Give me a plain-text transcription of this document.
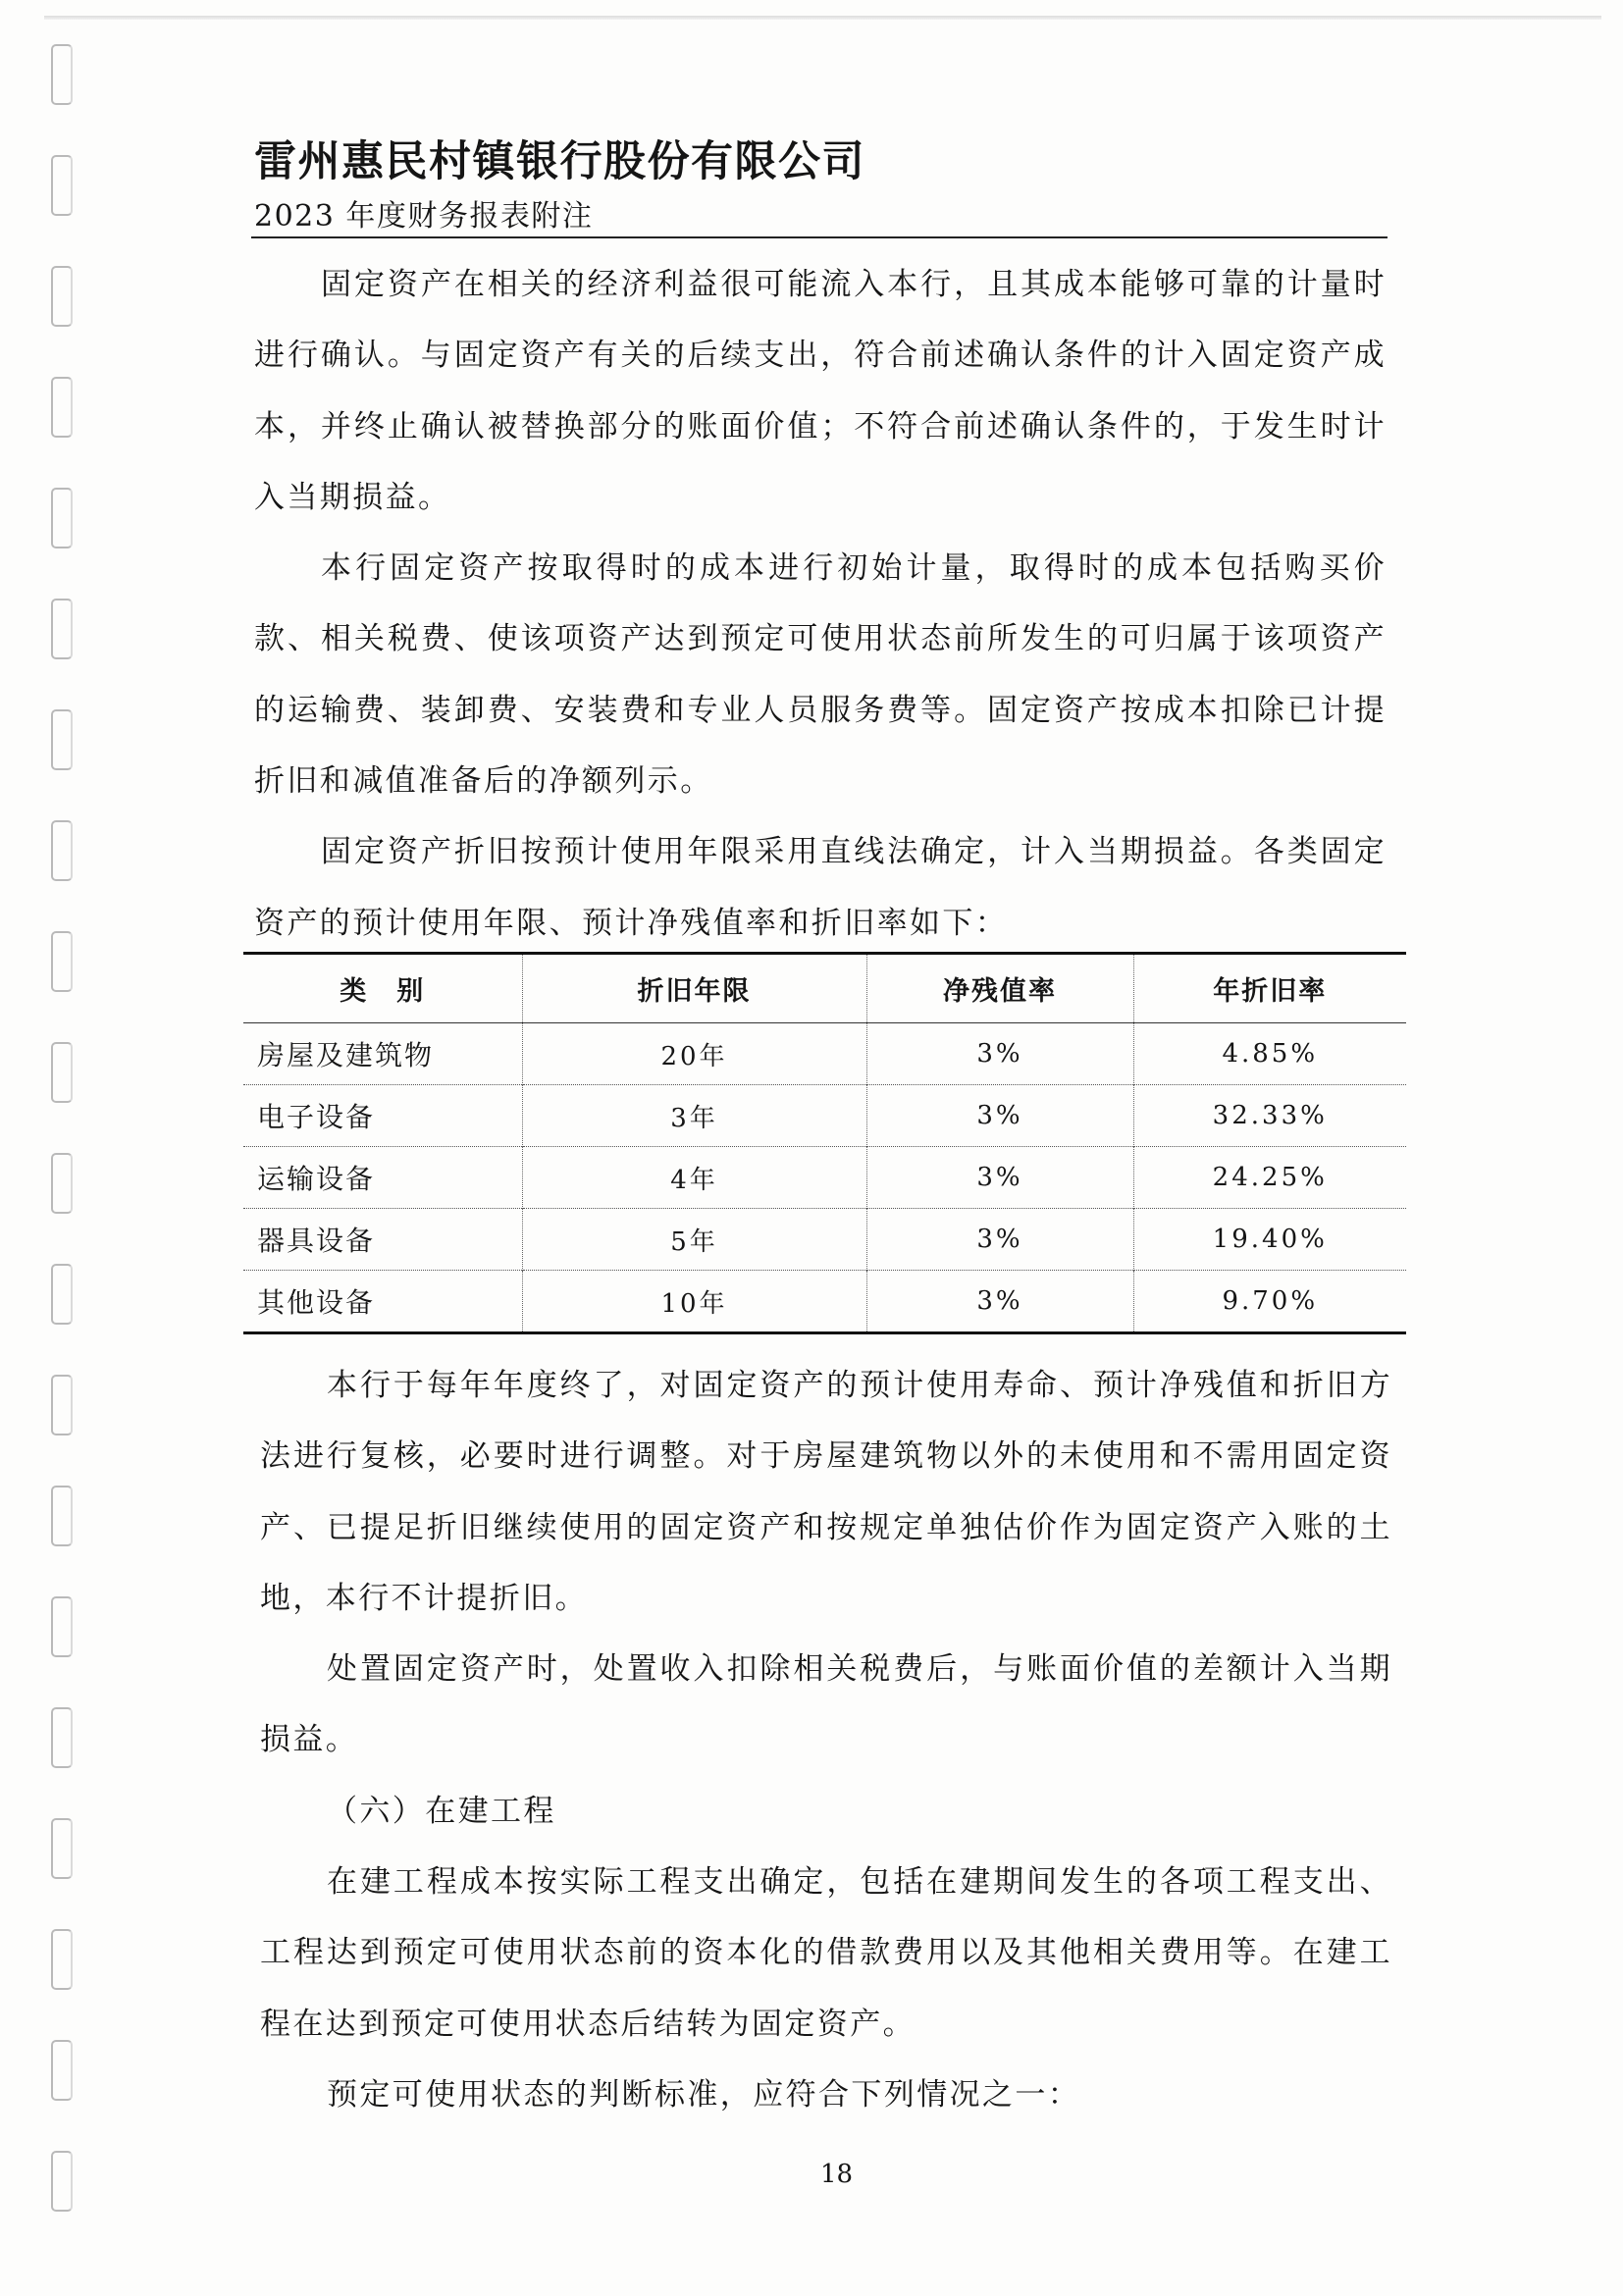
雷州惠民村镇银行股份有限公司
2023 年度财务报表附注
固定资产在相关的经济利益很可能流入本行，且其成本能够可靠的计量时
进行确认。与固定资产有关的后续支出，符合前述确认条件的计入固定资产成
本，并终止确认被替换部分的账面价值；不符合前述确认条件的，于发生时计
入当期损益。
本行固定资产按取得时的成本进行初始计量，取得时的成本包括购买价
款、相关税费、使该项资产达到预定可使用状态前所发生的可归属于该项资产
的运输费、装卸费、安装费和专业人员服务费等。固定资产按成本扣除已计提
折旧和减值准备后的净额列示。
固定资产折旧按预计使用年限采用直线法确定，计入当期损益。各类固定
资产的预计使用年限、预计净残值率和折旧率如下：
类　别	折旧年限	净残值率	年折旧率
房屋及建筑物	20年	3%	4.85%
电子设备	3年	3%	32.33%
运输设备	4年	3%	24.25%
器具设备	5年	3%	19.40%
其他设备	10年	3%	9.70%
本行于每年年度终了，对固定资产的预计使用寿命、预计净残值和折旧方
法进行复核，必要时进行调整。对于房屋建筑物以外的未使用和不需用固定资
产、已提足折旧继续使用的固定资产和按规定单独估价作为固定资产入账的土
地，本行不计提折旧。
处置固定资产时，处置收入扣除相关税费后，与账面价值的差额计入当期
损益。
（六）在建工程
在建工程成本按实际工程支出确定，包括在建期间发生的各项工程支出、
工程达到预定可使用状态前的资本化的借款费用以及其他相关费用等。在建工
程在达到预定可使用状态后结转为固定资产。
预定可使用状态的判断标准，应符合下列情况之一：
18
